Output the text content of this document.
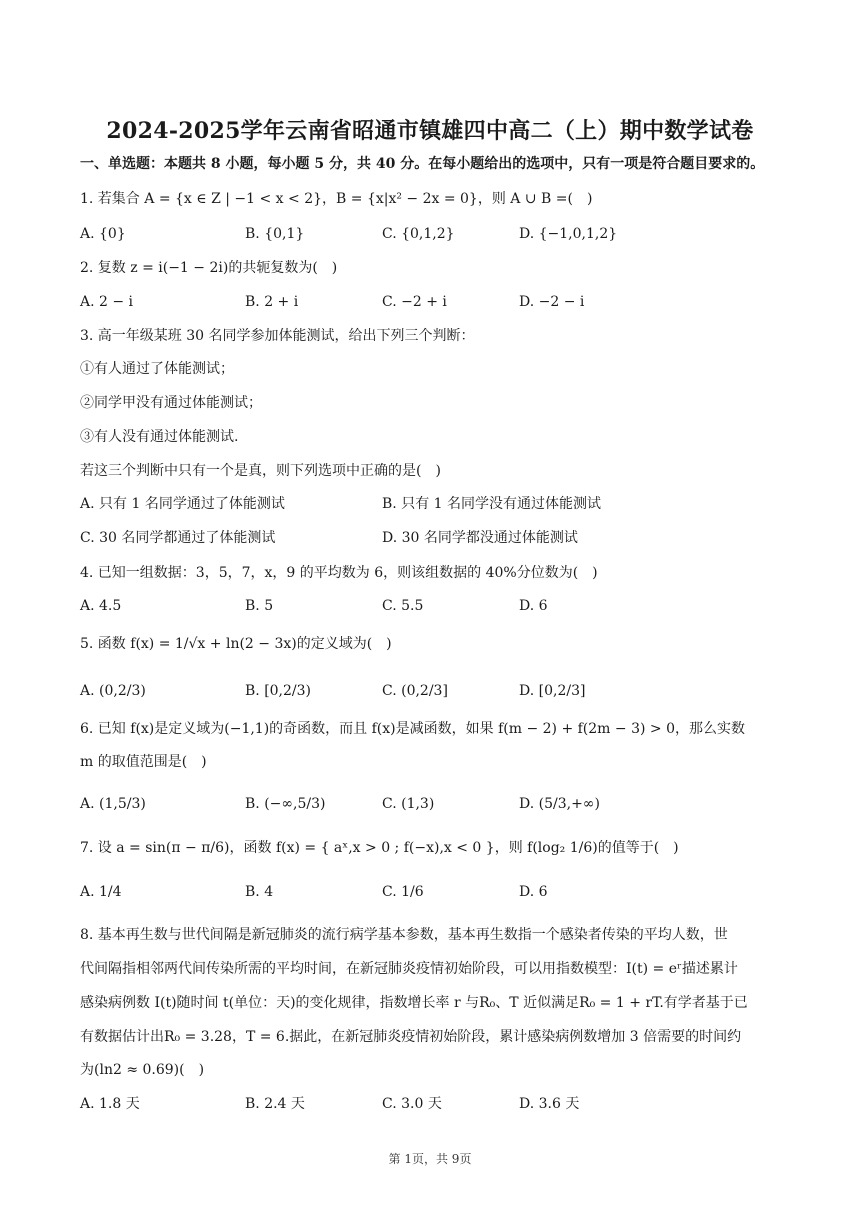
2024-2025学年云南省昭通市镇雄四中高二（上）期中数学试卷
一、单选题：本题共 8 小题，每小题 5 分，共 40 分。在每小题给出的选项中，只有一项是符合题目要求的。
1. 若集合 A = {x ∈ Z | −1 < x < 2}，B = {x|x² − 2x = 0}，则 A ∪ B =(　)
A. {0}	B. {0,1}	C. {0,1,2}	D. {−1,0,1,2}
2. 复数 z = i(−1 − 2i)的共轭复数为(　)
A. 2 − i	B. 2 + i	C. −2 + i	D. −2 − i
3. 高一年级某班 30 名同学参加体能测试，给出下列三个判断：
①有人通过了体能测试；
②同学甲没有通过体能测试；
③有人没有通过体能测试.
若这三个判断中只有一个是真，则下列选项中正确的是(　)
A. 只有 1 名同学通过了体能测试	B. 只有 1 名同学没有通过体能测试
C. 30 名同学都通过了体能测试	D. 30 名同学都没通过体能测试
4. 已知一组数据：3，5，7，x，9 的平均数为 6，则该组数据的 40%分位数为(　)
A. 4.5	B. 5	C. 5.5	D. 6
5. 函数 f(x) = 1/√x + ln(2 − 3x)的定义域为(　)
A. (0,2/3)	B. [0,2/3)	C. (0,2/3]	D. [0,2/3]
6. 已知 f(x)是定义域为(−1,1)的奇函数，而且 f(x)是减函数，如果 f(m − 2) + f(2m − 3) > 0，那么实数
m 的取值范围是(　)
A. (1,5/3)	B. (−∞,5/3)	C. (1,3)	D. (5/3,+∞)
7. 设 a = sin(π − π/6)，函数 f(x) = { aˣ,x > 0 ; f(−x),x < 0 }，则 f(log₂ 1/6)的值等于(　)
A. 1/4	B. 4	C. 1/6	D. 6
8. 基本再生数与世代间隔是新冠肺炎的流行病学基本参数，基本再生数指一个感染者传染的平均人数，世
代间隔指相邻两代间传染所需的平均时间，在新冠肺炎疫情初始阶段，可以用指数模型：I(t) = eʳ描述累计
感染病例数 I(t)随时间 t(单位：天)的变化规律，指数增长率 r 与R₀、T 近似满足R₀ = 1 + rT.有学者基于已
有数据估计出R₀ = 3.28，T = 6.据此，在新冠肺炎疫情初始阶段，累计感染病例数增加 3 倍需要的时间约
为(ln2 ≈ 0.69)(　)
A. 1.8 天	B. 2.4 天	C. 3.0 天	D. 3.6 天
第 1页，共 9页
